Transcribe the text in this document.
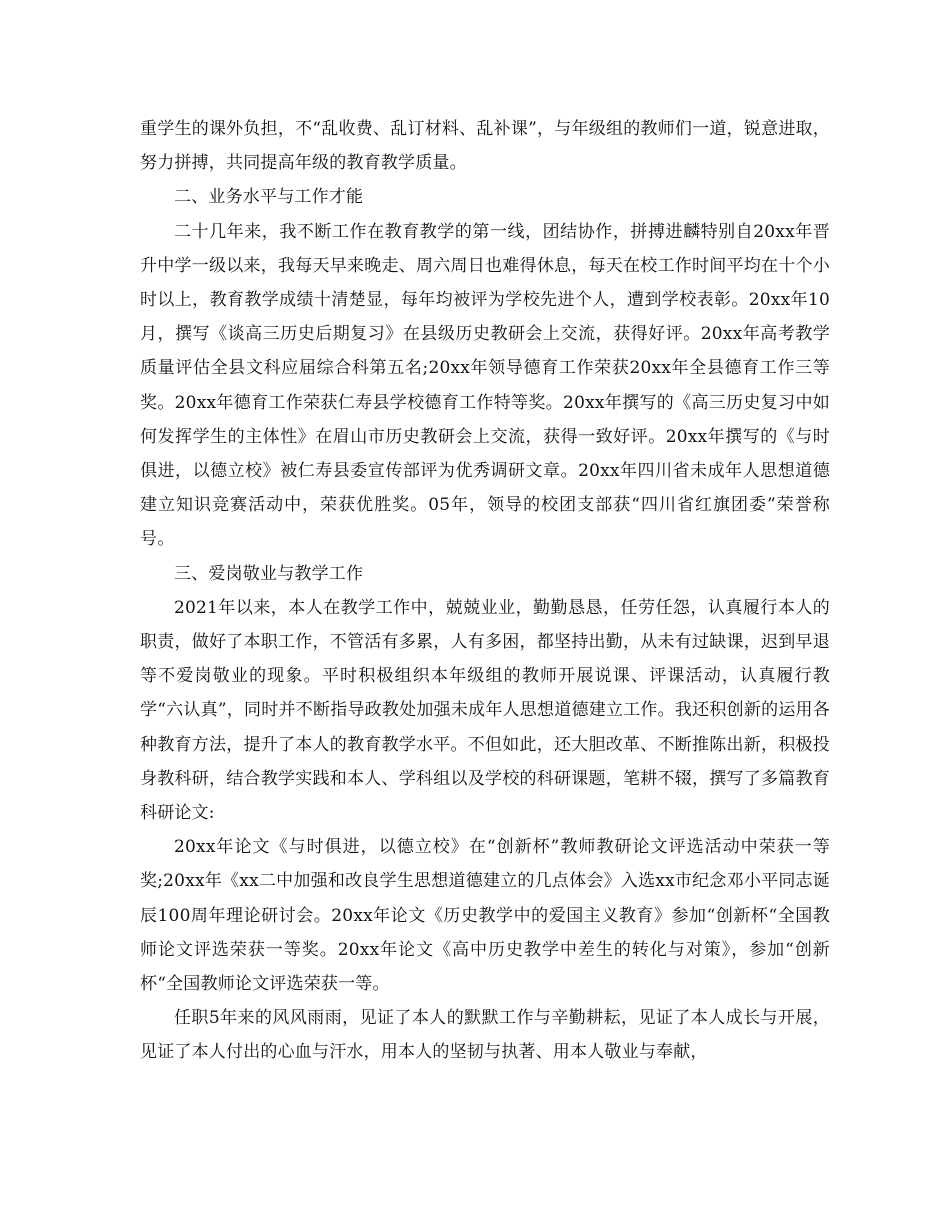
重学生的课外负担，不“乱收费、乱订材料、乱补课”，与年级组的教师们一道，锐意进取，努力拼搏，共同提高年级的教育教学质量。

二、业务水平与工作才能

二十几年来，我不断工作在教育教学的第一线，团结协作，拼搏进麟特别自20xx年晋升中学一级以来，我每天早来晚走、周六周日也难得休息，每天在校工作时间平均在十个小时以上，教育教学成绩十清楚显，每年均被评为学校先进个人，遭到学校表彰。20xx年10月，撰写《谈高三历史后期复习》在县级历史教研会上交流，获得好评。20xx年高考教学质量评估全县文科应届综合科第五名;20xx年领导德育工作荣获20xx年全县德育工作三等奖。20xx年德育工作荣获仁寿县学校德育工作特等奖。20xx年撰写的《高三历史复习中如何发挥学生的主体性》在眉山市历史教研会上交流，获得一致好评。20xx年撰写的《与时俱进，以德立校》被仁寿县委宣传部评为优秀调研文章。20xx年四川省未成年人思想道德建立知识竞赛活动中，荣获优胜奖。05年，领导的校团支部获“四川省红旗团委”荣誉称号。

三、爱岗敬业与教学工作

2021年以来，本人在教学工作中，兢兢业业，勤勤恳恳，任劳任怨，认真履行本人的职责，做好了本职工作，不管活有多累，人有多困，都坚持出勤，从未有过缺课，迟到早退等不爱岗敬业的现象。平时积极组织本年级组的教师开展说课、评课活动，认真履行教学“六认真”，同时并不断指导政教处加强未成年人思想道德建立工作。我还积创新的运用各种教育方法，提升了本人的教育教学水平。不但如此，还大胆改革、不断推陈出新，积极投身教科研，结合教学实践和本人、学科组以及学校的科研课题，笔耕不辍，撰写了多篇教育科研论文:

20xx年论文《与时俱进，以德立校》在“创新杯”教师教研论文评选活动中荣获一等奖;20xx年《xx二中加强和改良学生思想道德建立的几点体会》入选xx市纪念邓小平同志诞辰100周年理论研讨会。20xx年论文《历史教学中的爱国主义教育》参加“创新杯“全国教师论文评选荣获一等奖。20xx年论文《高中历史教学中差生的转化与对策》，参加“创新杯“全国教师论文评选荣获一等。

任职5年来的风风雨雨，见证了本人的默默工作与辛勤耕耘，见证了本人成长与开展，见证了本人付出的心血与汗水，用本人的坚韧与执著、用本人敬业与奉献，
